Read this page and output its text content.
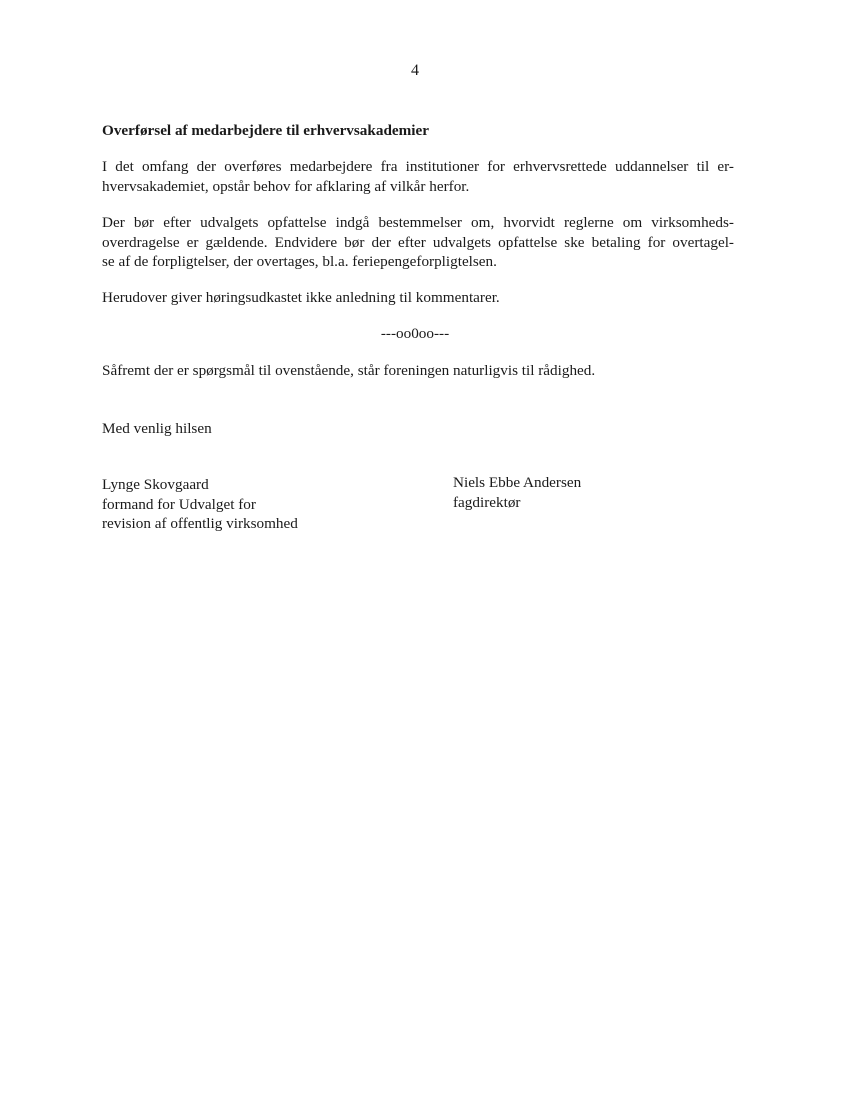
4
Overførsel af medarbejdere til erhvervsakademier

I det omfang der overføres medarbejdere fra institutioner for erhvervsrettede uddannelser til er-
hvervsakademiet, opstår behov for afklaring af vilkår herfor.

Der bør efter udvalgets opfattelse indgå bestemmelser om, hvorvidt reglerne om virksomheds-
overdragelse er gældende. Endvidere bør der efter udvalgets opfattelse ske betaling for overtagel-
se af de forpligtelser, der overtages, bl.a. feriepengeforpligtelsen.

Herudover giver høringsudkastet ikke anledning til kommentarer.

---oo0oo---

Såfremt der er spørgsmål til ovenstående, står foreningen naturligvis til rådighed.

Med venlig hilsen

Lynge Skovgaard
formand for Udvalget for
revision af offentlig virksomhed
Niels Ebbe Andersen
fagdirektør
